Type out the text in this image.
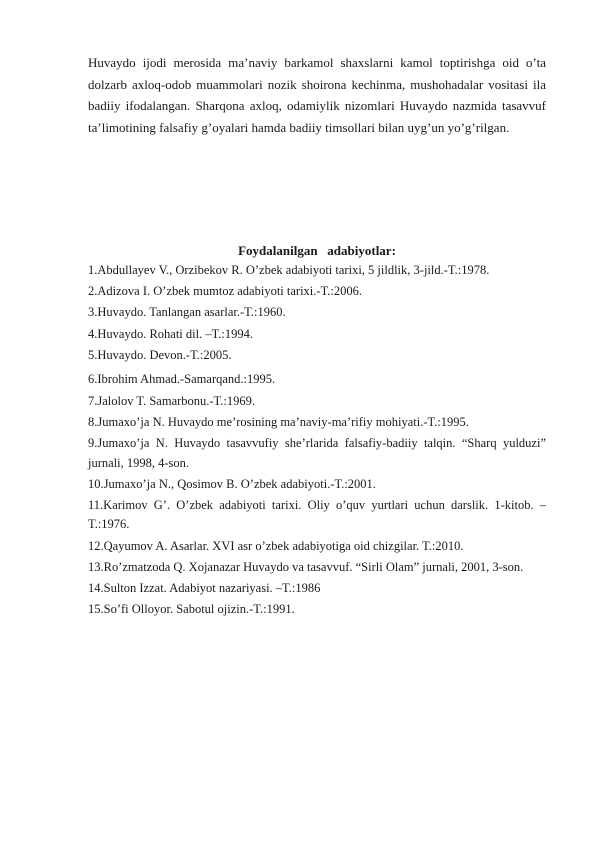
Huvaydo ijodi merosida ma’naviy barkamol shaxslarni kamol toptirishga oid o’ta dolzarb axloq-odob muammolari nozik shoirona kechinma, mushohadalar vositasi ila badiiy ifodalangan. Sharqona axloq, odamiylik nizomlari Huvaydo nazmida tasavvuf ta’limotining falsafiy g’oyalari hamda badiiy timsollari bilan uyg’un yo’g’rilgan.

Foydalanilgan   adabiyotlar:
1.Abdullayev V., Orzibekov R. O’zbek adabiyoti tarixi, 5 jildlik, 3-jild.-T.:1978.
2.Adizova I. O’zbek mumtoz adabiyoti tarixi.-T.:2006.
3.Huvaydo. Tanlangan asarlar.-T.:1960.
4.Huvaydo. Rohati dil. –T.:1994.
5.Huvaydo. Devon.-T.:2005.
6.Ibrohim Ahmad.-Samarqand.:1995.
7.Jalolov T. Samarbonu.-T.:1969.
8.Jumaxo’ja N. Huvaydo me’rosining ma’naviy-ma’rifiy mohiyati.-T.:1995.
9.Jumaxo’ja N. Huvaydo tasavvufiy she’rlarida falsafiy-badiiy talqin. “Sharq yulduzi” jurnali, 1998, 4-son.
10.Jumaxo’ja N., Qosimov B. O’zbek adabiyoti.-T.:2001.
11.Karimov G’. O’zbek adabiyoti tarixi. Oliy o’quv yurtlari uchun darslik. 1-kitob. –T.:1976.
12.Qayumov A. Asarlar. XVI asr o’zbek adabiyotiga oid chizgilar. T.:2010.
13.Ro’zmatzoda Q. Xojanazar Huvaydo va tasavvuf. “Sirli Olam” jurnali, 2001, 3-son.
14.Sulton Izzat. Adabiyot nazariyasi. –T.:1986
15.So’fi Olloyor. Sabotul ojizin.-T.:1991.
